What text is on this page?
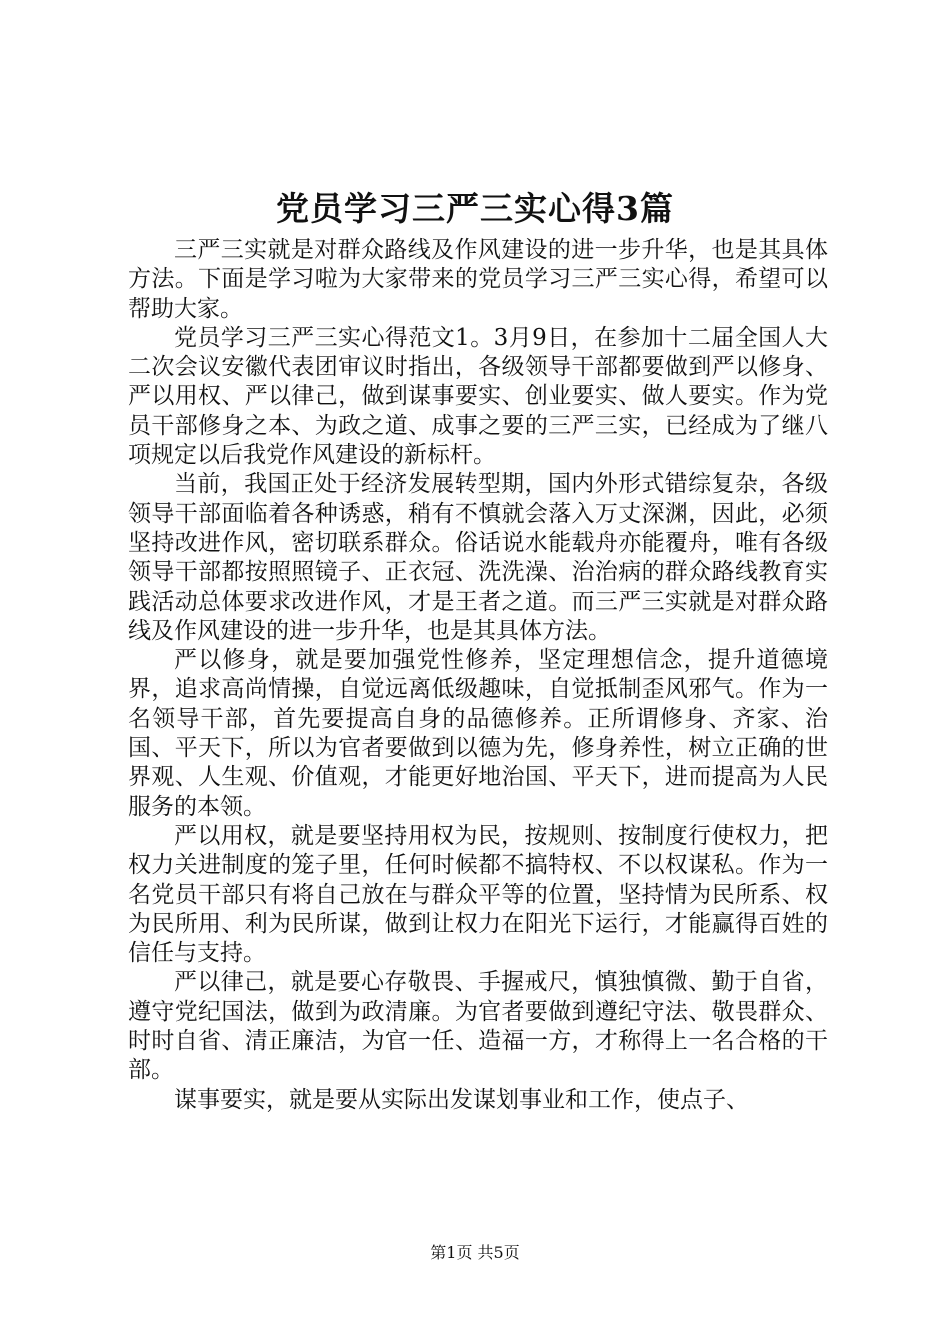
党员学习三严三实心得3篇

三严三实就是对群众路线及作风建设的进一步升华，也是其具体方法。下面是学习啦为大家带来的党员学习三严三实心得，希望可以帮助大家。

党员学习三严三实心得范文1。3月9日，在参加十二届全国人大二次会议安徽代表团审议时指出，各级领导干部都要做到严以修身、严以用权、严以律己，做到谋事要实、创业要实、做人要实。作为党员干部修身之本、为政之道、成事之要的三严三实，已经成为了继八项规定以后我党作风建设的新标杆。

当前，我国正处于经济发展转型期，国内外形式错综复杂，各级领导干部面临着各种诱惑，稍有不慎就会落入万丈深渊，因此，必须坚持改进作风，密切联系群众。俗话说水能载舟亦能覆舟，唯有各级领导干部都按照照镜子、正衣冠、洗洗澡、治治病的群众路线教育实践活动总体要求改进作风，才是王者之道。而三严三实就是对群众路线及作风建设的进一步升华，也是其具体方法。

严以修身，就是要加强党性修养，坚定理想信念，提升道德境界，追求高尚情操，自觉远离低级趣味，自觉抵制歪风邪气。作为一名领导干部，首先要提高自身的品德修养。正所谓修身、齐家、治国、平天下，所以为官者要做到以德为先，修身养性，树立正确的世界观、人生观、价值观，才能更好地治国、平天下，进而提高为人民服务的本领。

严以用权，就是要坚持用权为民，按规则、按制度行使权力，把权力关进制度的笼子里，任何时候都不搞特权、不以权谋私。作为一名党员干部只有将自己放在与群众平等的位置，坚持情为民所系、权为民所用、利为民所谋，做到让权力在阳光下运行，才能赢得百姓的信任与支持。

严以律己，就是要心存敬畏、手握戒尺，慎独慎微、勤于自省，遵守党纪国法，做到为政清廉。为官者要做到遵纪守法、敬畏群众、时时自省、清正廉洁，为官一任、造福一方，才称得上一名合格的干部。

谋事要实，就是要从实际出发谋划事业和工作，使点子、

第1页 共5页
